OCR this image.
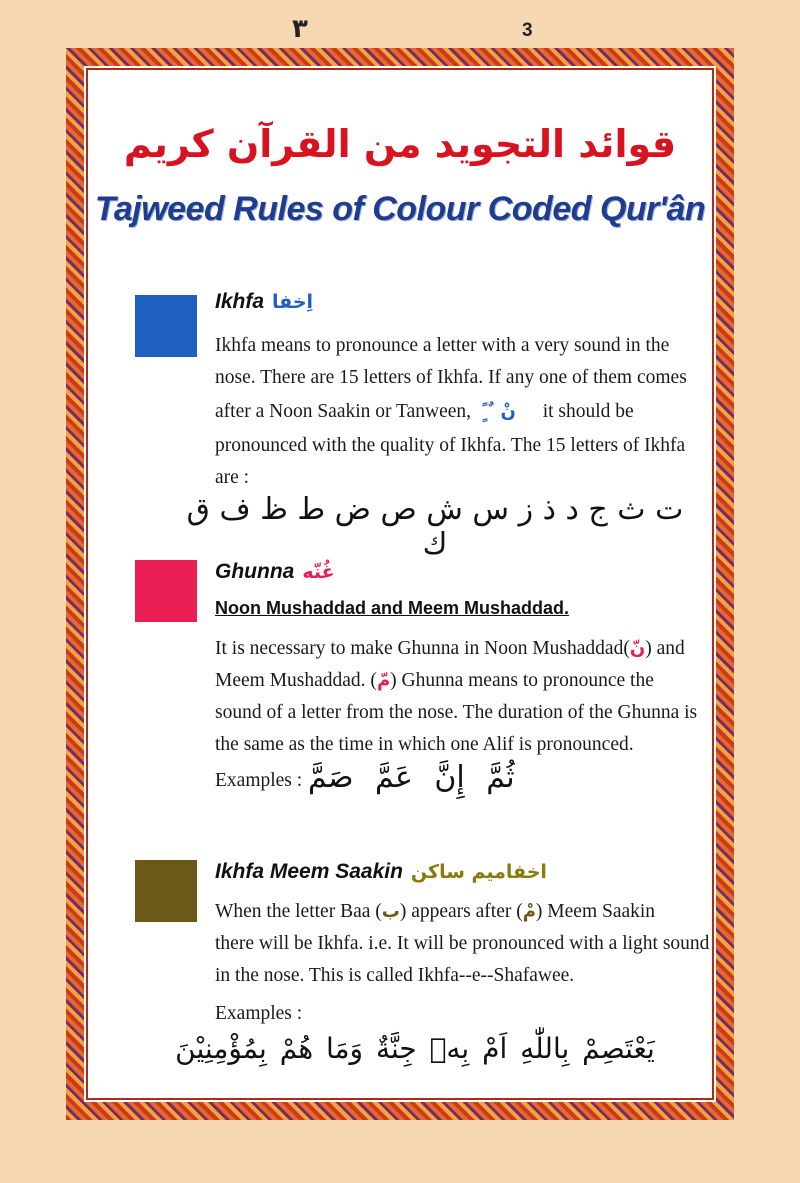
٣	3
قوائد التجويد من القرآن كريم
Tajweed Rules of Colour Coded Qur'ân
Ikhfa اِخفا
Ikhfa means to pronounce a letter with a very sound in the
nose. There are 15 letters of Ikhfa. If any one of them comes
after a Noon Saakin or Tanween, ً ٍ ٌ نْ it should be
pronounced with the quality of Ikhfa. The 15 letters of Ikhfa
are :
ت ث ج د ذ ز س ش ص ض ط ظ ف ق ك
Ghunna غُنّه
Noon Mushaddad and Meem Mushaddad.
It is necessary to make Ghunna in Noon Mushaddad(نّ) and
Meem Mushaddad. (مّ) Ghunna means to pronounce the
sound of a letter from the nose. The duration of the Ghunna is
the same as the time in which one Alif is pronounced.
Examples : ثُمَّ إِنَّ عَمَّ صَمَّ
Ikhfa Meem Saakin اخفاميم ساكن
When the letter Baa (ب) appears after (مْ) Meem Saakin
there will be Ikhfa. i.e. It will be pronounced with a light sound
in the nose. This is called Ikhfa--e--Shafawee.
Examples :
يَعْتَصِمْ بِاللّٰهِ اَمْ بِهٖ جِنَّةٌ وَمَا هُمْ بِمُؤْمِنِيْنَ
